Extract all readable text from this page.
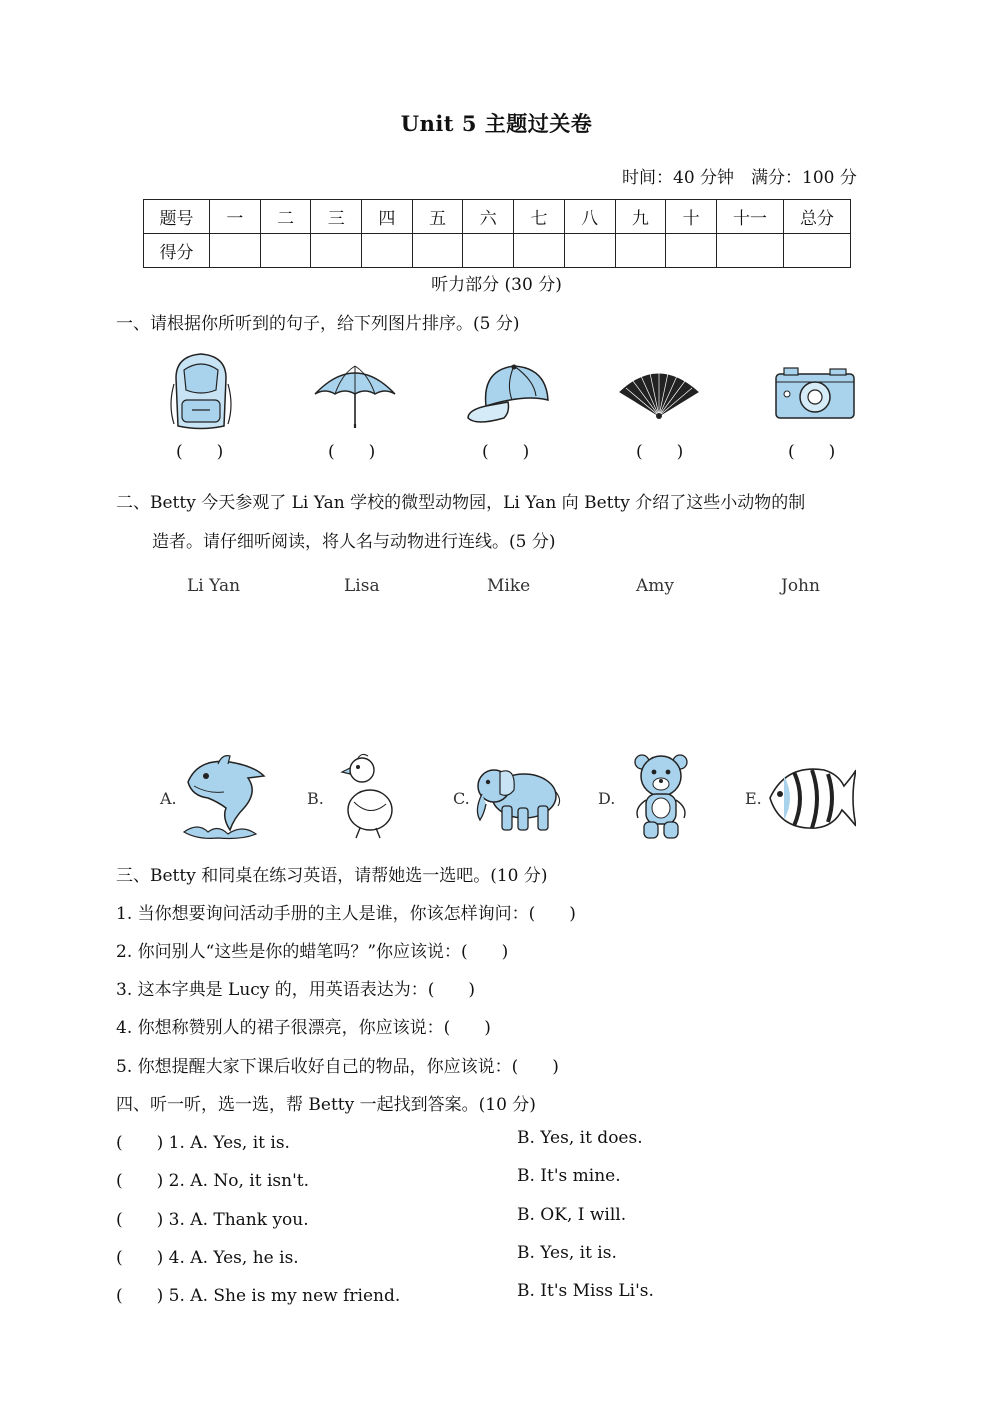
Unit 5 主题过关卷
时间：40 分钟　满分：100 分
题号	一	二	三	四	五	六	七	八	九	十	十一	总分
得分												
听力部分 (30 分)
一、请根据你所听到的句子，给下列图片排序。(5 分)
(　　)	(　　)	(　　)	(　　)	(　　)
二、Betty 今天参观了 Li Yan 学校的微型动物园，Li Yan 向 Betty 介绍了这些小动物的制
造者。请仔细听阅读，将人名与动物进行连线。(5 分)
Li Yan	Lisa	Mike	Amy	John
A.	B.	C.	D.	E.
三、Betty 和同桌在练习英语，请帮她选一选吧。(10 分)
1. 当你想要询问活动手册的主人是谁，你该怎样询问：(　　)
2. 你问别人“这些是你的蜡笔吗？”你应该说：(　　)
3. 这本字典是 Lucy 的，用英语表达为：(　　)
4. 你想称赞别人的裙子很漂亮，你应该说：(　　)
5. 你想提醒大家下课后收好自己的物品，你应该说：(　　)
四、听一听，选一选，帮 Betty 一起找到答案。(10 分)
(　　) 1. A. Yes, it is.	B. Yes, it does.
(　　) 2. A. No, it isn't.	B. It's mine.
(　　) 3. A. Thank you.	B. OK, I will.
(　　) 4. A. Yes, he is.	B. Yes, it is.
(　　) 5. A. She is my new friend.	B. It's Miss Li's.
